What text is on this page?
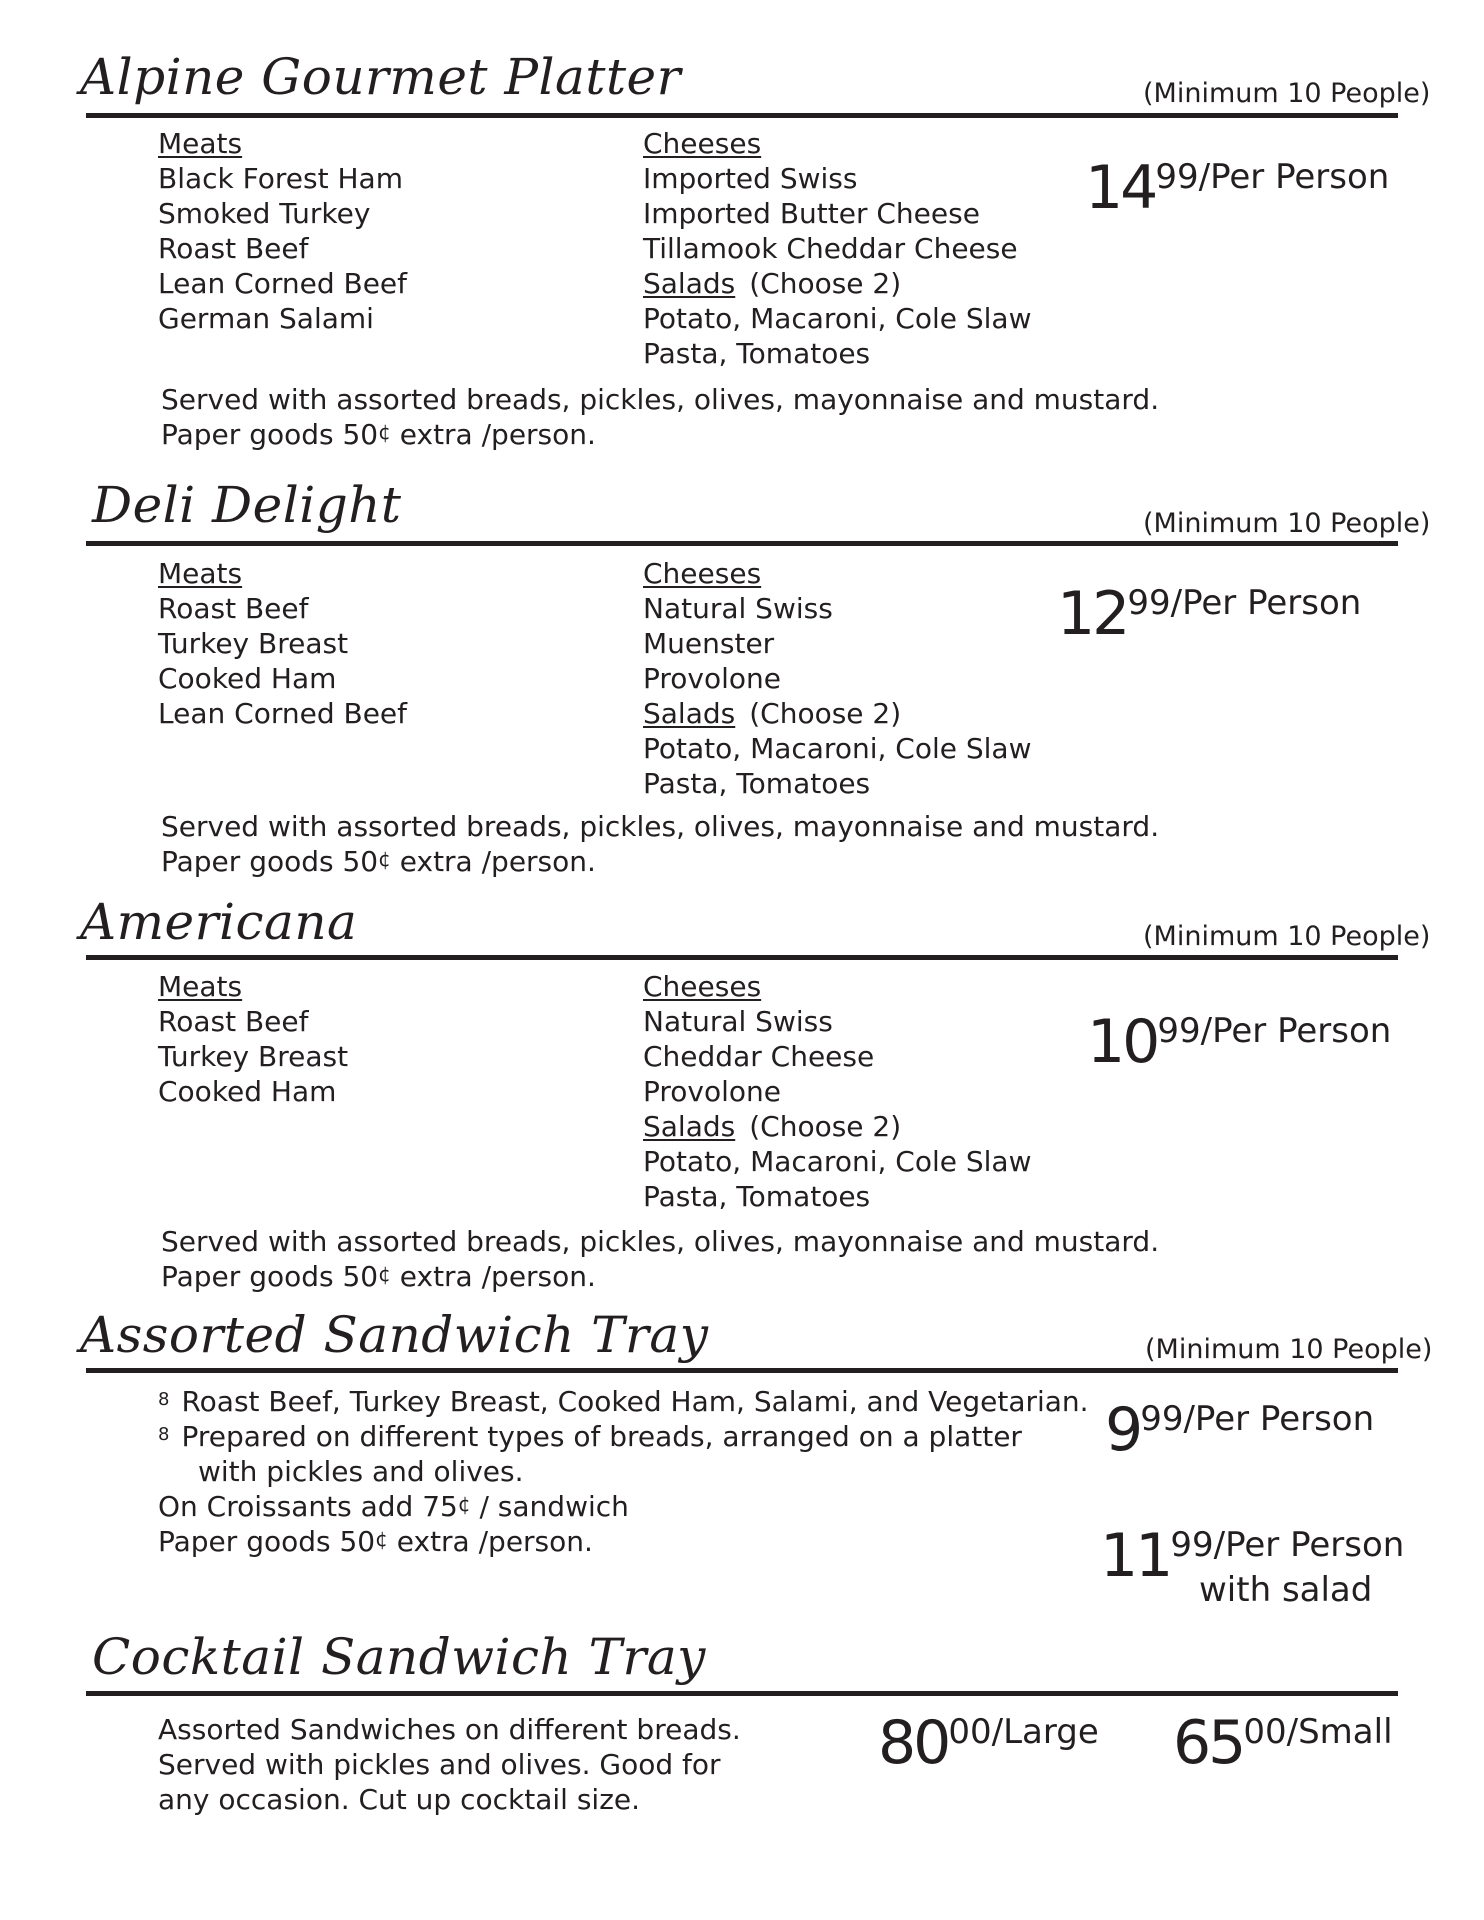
Alpine Gourmet Platter	(Minimum 10 People)
Meats
Black Forest Ham
Smoked Turkey
Roast Beef
Lean Corned Beef
German Salami
Cheeses
Imported Swiss
Imported Butter Cheese
Tillamook Cheddar Cheese
Salads (Choose 2)
Potato, Macaroni, Cole Slaw
Pasta, Tomatoes
1499/Per Person
Served with assorted breads, pickles, olives, mayonnaise and mustard.
Paper goods 50¢ extra /person.
Deli Delight	(Minimum 10 People)
Meats
Roast Beef
Turkey Breast
Cooked Ham
Lean Corned Beef
Cheeses
Natural Swiss
Muenster
Provolone
Salads (Choose 2)
Potato, Macaroni, Cole Slaw
Pasta, Tomatoes
1299/Per Person
Served with assorted breads, pickles, olives, mayonnaise and mustard.
Paper goods 50¢ extra /person.
Americana	(Minimum 10 People)
Meats
Roast Beef
Turkey Breast
Cooked Ham
Cheeses
Natural Swiss
Cheddar Cheese
Provolone
Salads (Choose 2)
Potato, Macaroni, Cole Slaw
Pasta, Tomatoes
1099/Per Person
Served with assorted breads, pickles, olives, mayonnaise and mustard.
Paper goods 50¢ extra /person.
Assorted Sandwich Tray	(Minimum 10 People)
$^8$ Roast Beef, Turkey Breast, Cooked Ham, Salami, and Vegetarian.
$^8$ Prepared on different types of breads, arranged on a platter
with pickles and olives.
On Croissants add 75¢ / sandwich
Paper goods 50¢ extra /person.
999/Per Person
1199/Per Person
with salad
Cocktail Sandwich Tray
Assorted Sandwiches on different breads.
Served with pickles and olives. Good for
any occasion. Cut up cocktail size.
8000/Large 6500/Small
